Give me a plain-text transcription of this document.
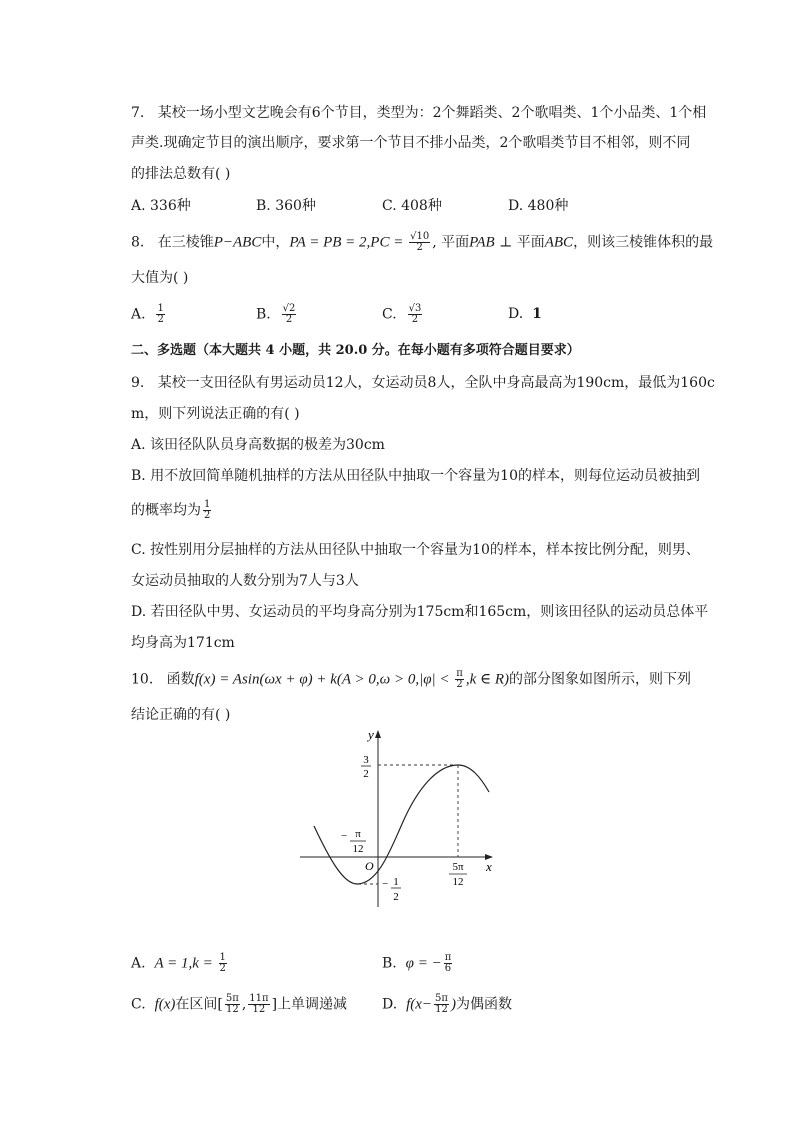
7. 某校一场小型文艺晚会有6个节目，类型为：2个舞蹈类、2个歌唱类、1个小品类、1个相
声类.现确定节目的演出顺序，要求第一个节目不排小品类，2个歌唱类节目不相邻，则不同
的排法总数有( )
A. 336种	B. 360种	C. 408种	D. 480种
8. 在三棱锥P−ABC中，PA = PB = $2,PC = \frac{√10}{2}$ , 平面PAB ⊥ 平面ABC，则该三棱锥体积的最
大值为( )
A. $\frac{1}{2}$	B. $\frac{√2}{2}$	C. $\frac{√3}{2}$	D. 1
二、多选题（本大题共 4 小题，共 20.0 分。在每小题有多项符合题目要求）
9. 某校一支田径队有男运动员12人，女运动员8人，全队中身高最高为190cm，最低为160c
m，则下列说法正确的有( )
A. 该田径队队员身高数据的极差为30cm
B. 用不放回简单随机抽样的方法从田径队中抽取一个容量为10的样本，则每位运动员被抽到
的概率均为 $\frac{1}{2}$
C. 按性别用分层抽样的方法从田径队中抽取一个容量为10的样本，样本按比例分配，则男、
女运动员抽取的人数分别为7人与3人
D. 若田径队中男、女运动员的平均身高分别为175cm和165cm，则该田径队的运动员总体平
均身高为171cm
10. 函数$f(x) = Asin(\omega x + \varphi) + k(A > 0,\omega > 0,|\varphi| < \frac{\pi}{2} ,k$ ∈ R)的部分图象如图所示，则下列
结论正确的有( )
y
x
O
3
2
− π
12
− 1
2
5π
12
A. $A = 1,k = \frac{1}{2}$	B. φ = − $\frac{\pi}{6}$
C. f(x)在区间[ $\frac{5\pi}{12}$ , $\frac{11\pi}{12}$ ]上单调递减 D. $f(x- \frac{5\pi}{12}$ )为偶函数
